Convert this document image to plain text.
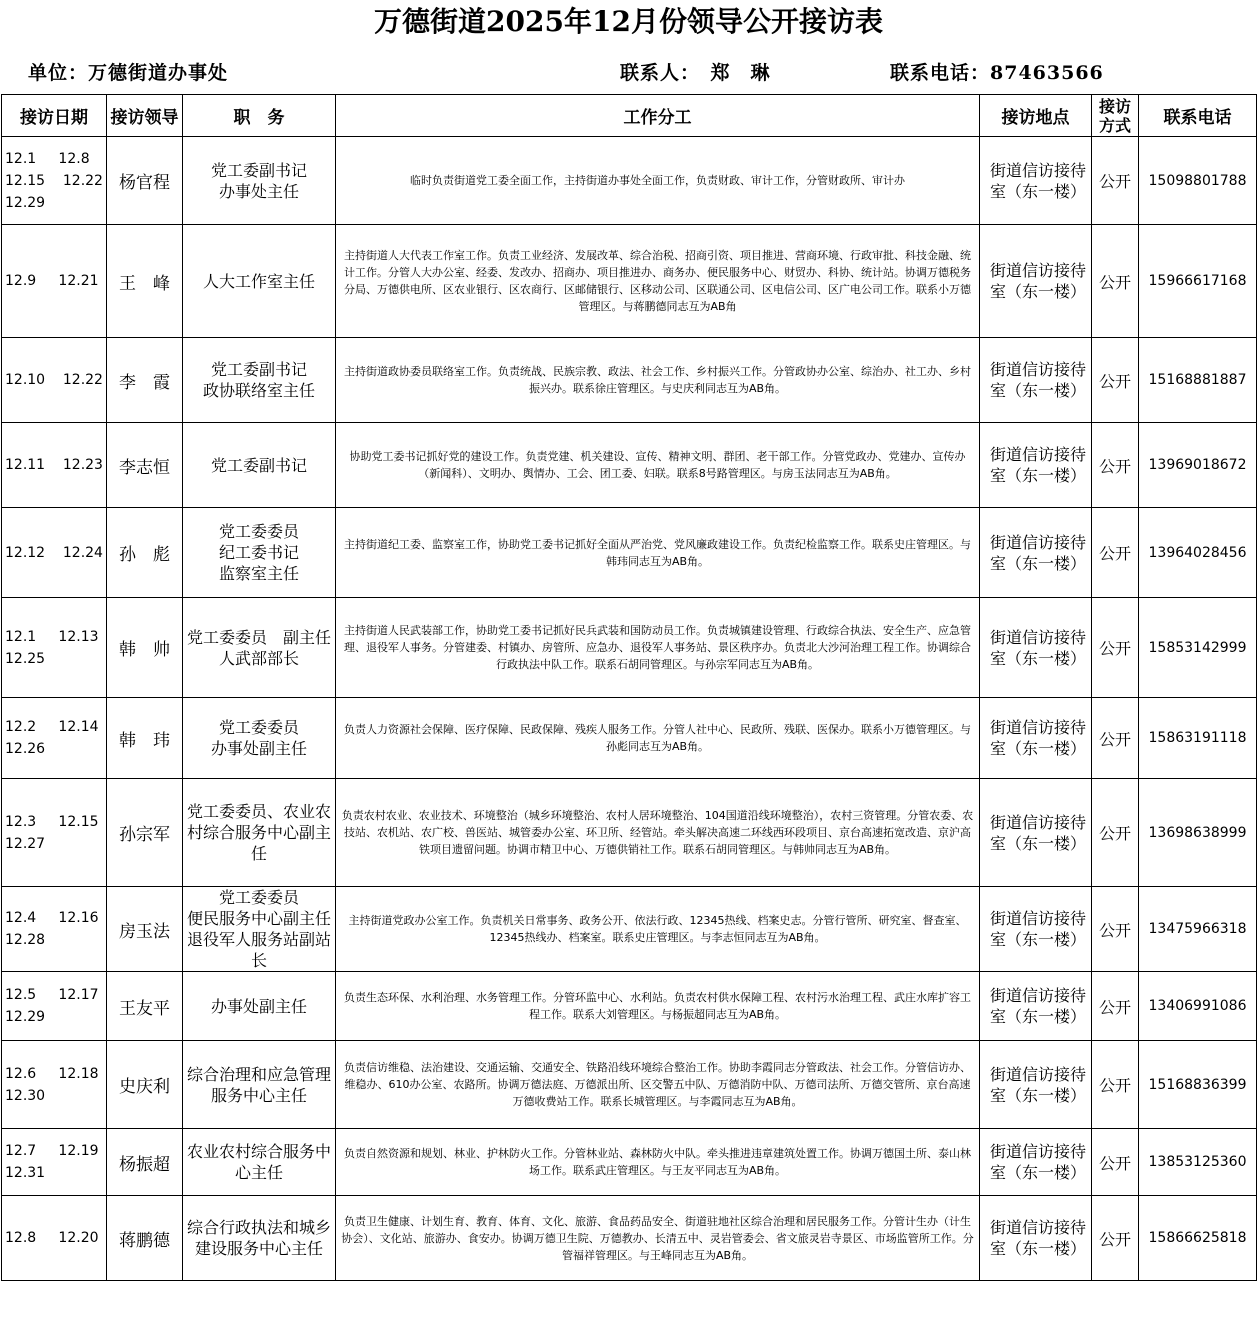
万德街道2025年12月份领导公开接访表
单位：万德街道办事处	联系人：　郑　琳	联系电话：87463566
接访日期	接访领导	职　务	工作分工	接访地点	接访方式	联系电话

12.1     12.8
12.15    12.22
12.29	杨官程	党工委副书记
办事处主任	临时负责街道党工委全面工作，主持街道办事处全面工作，负责财政、审计工作，分管财政所、审计办	街道信访接待室（东一楼）	公开	15098801788

12.9     12.21	王　峰	人大工作室主任	主持街道人大代表工作室工作。负责工业经济、发展改革、综合治税、招商引资、项目推进、营商环境、行政审批、科技金融、统计工作。分管人大办公室、经委、发改办、招商办、项目推进办、商务办、便民服务中心、财贸办、科协、统计站。协调万德税务分局、万德供电所、区农业银行、区农商行、区邮储银行、区移动公司、区联通公司、区电信公司、区广电公司工作。联系小万德管理区。与蒋鹏德同志互为AB角	街道信访接待室（东一楼）	公开	15966617168

12.10    12.22	李　霞	党工委副书记
政协联络室主任	主持街道政协委员联络室工作。负责统战、民族宗教、政法、社会工作、乡村振兴工作。分管政协办公室、综治办、社工办、乡村振兴办。联系徐庄管理区。与史庆利同志互为AB角。	街道信访接待室（东一楼）	公开	15168881887

12.11    12.23	李志恒	党工委副书记	协助党工委书记抓好党的建设工作。负责党建、机关建设、宣传、精神文明、群团、老干部工作。分管党政办、党建办、宣传办（新闻科）、文明办、舆情办、工会、团工委、妇联。联系8号路管理区。与房玉法同志互为AB角。	街道信访接待室（东一楼）	公开	13969018672

12.12    12.24	孙　彪	党工委委员
纪工委书记
监察室主任	主持街道纪工委、监察室工作，协助党工委书记抓好全面从严治党、党风廉政建设工作。负责纪检监察工作。联系史庄管理区。与韩玮同志互为AB角。	街道信访接待室（东一楼）	公开	13964028456

12.1     12.13
12.25	韩　帅	党工委委员　副主任　人武部部长	主持街道人民武装部工作，协助党工委书记抓好民兵武装和国防动员工作。负责城镇建设管理、行政综合执法、安全生产、应急管理、退役军人事务。分管建委、村镇办、房管所、应急办、退役军人事务站、景区秩序办。负责北大沙河治理工程工作。协调综合行政执法中队工作。联系石胡同管理区。与孙宗军同志互为AB角。	街道信访接待室（东一楼）	公开	15853142999

12.2     12.14
12.26	韩　玮	党工委委员
办事处副主任	负责人力资源社会保障、医疗保障、民政保障、残疾人服务工作。分管人社中心、民政所、残联、医保办。联系小万德管理区。与孙彪同志互为AB角。	街道信访接待室（东一楼）	公开	15863191118

12.3     12.15
12.27	孙宗军	党工委委员、农业农村综合服务中心副主任	负责农村农业、农业技术、环境整治（城乡环境整治、农村人居环境整治、104国道沿线环境整治），农村三资管理。分管农委、农技站、农机站、农广校、兽医站、城管委办公室、环卫所、经管站。牵头解决高速二环线西环段项目、京台高速拓宽改造、京沪高铁项目遗留问题。协调市精卫中心、万德供销社工作。联系石胡同管理区。与韩帅同志互为AB角。	街道信访接待室（东一楼）	公开	13698638999

12.4     12.16
12.28	房玉法	党工委委员
便民服务中心副主任
退役军人服务站副站长	主持街道党政办公室工作。负责机关日常事务、政务公开、依法行政、12345热线、档案史志。分管行管所、研究室、督查室、12345热线办、档案室。联系史庄管理区。与李志恒同志互为AB角。	街道信访接待室（东一楼）	公开	13475966318

12.5     12.17
12.29	王友平	办事处副主任	负责生态环保、水利治理、水务管理工作。分管环监中心、水利站。负责农村供水保障工程、农村污水治理工程、武庄水库扩容工程工作。联系大刘管理区。与杨振超同志互为AB角。	街道信访接待室（东一楼）	公开	13406991086

12.6     12.18
12.30	史庆利	综合治理和应急管理服务中心主任	负责信访维稳、法治建设、交通运输、交通安全、铁路沿线环境综合整治工作。协助李霞同志分管政法、社会工作。分管信访办、维稳办、610办公室、农路所。协调万德法庭、万德派出所、区交警五中队、万德消防中队、万德司法所、万德交管所、京台高速万德收费站工作。联系长城管理区。与李霞同志互为AB角。	街道信访接待室（东一楼）	公开	15168836399

12.7     12.19
12.31	杨振超	农业农村综合服务中心主任	负责自然资源和规划、林业、护林防火工作。分管林业站、森林防火中队。牵头推进违章建筑处置工作。协调万德国土所、泰山林场工作。联系武庄管理区。与王友平同志互为AB角。	街道信访接待室（东一楼）	公开	13853125360

12.8     12.20	蒋鹏德	综合行政执法和城乡建设服务中心主任	负责卫生健康、计划生育、教育、体育、文化、旅游、食品药品安全、街道驻地社区综合治理和居民服务工作。分管计生办（计生协会）、文化站、旅游办、食安办。协调万德卫生院、万德教办、长清五中、灵岩管委会、省文旅灵岩寺景区、市场监管所工作。分管福祥管理区。与王峰同志互为AB角。	街道信访接待室（东一楼）	公开	15866625818
